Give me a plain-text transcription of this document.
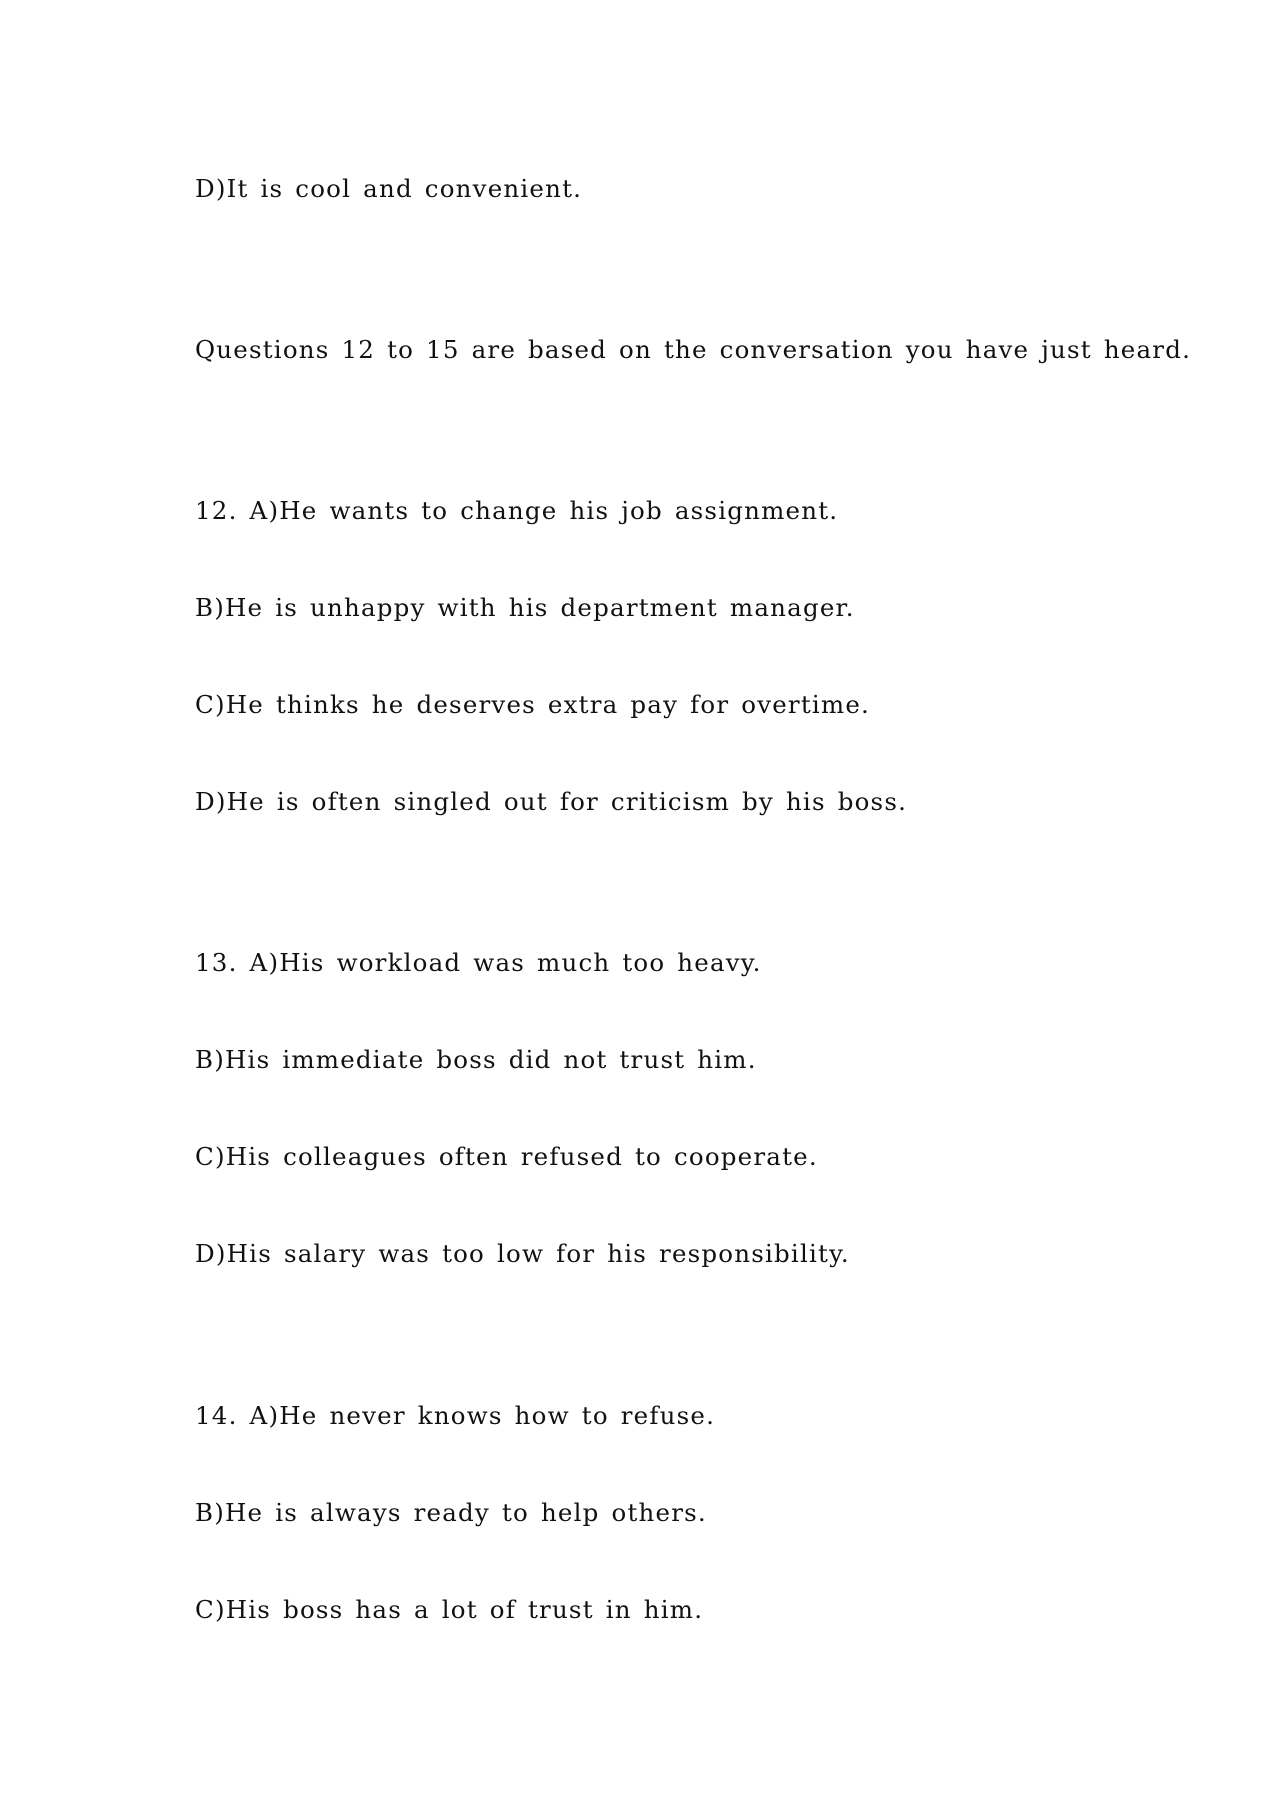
D)It is cool and convenient.
Questions 12 to 15 are based on the conversation you have just heard.
12. A)He wants to change his job assignment.
B)He is unhappy with his department manager.
C)He thinks he deserves extra pay for overtime.
D)He is often singled out for criticism by his boss.
13. A)His workload was much too heavy.
B)His immediate boss did not trust him.
C)His colleagues often refused to cooperate.
D)His salary was too low for his responsibility.
14. A)He never knows how to refuse.
B)He is always ready to help others.
C)His boss has a lot of trust in him.
